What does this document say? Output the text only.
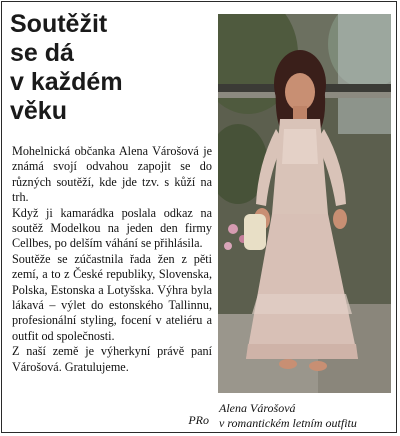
Soutěžit
se dá
v každém
věku

Mohelnická občanka Alena Várošová je známá svojí odvahou zapojit se do různých soutěží, kde jde tzv. s kůží na trh.

Když ji kamarádka poslala odkaz na soutěž Modelkou na jeden den firmy Cellbes, po delším váhání se přihlásila.

Soutěže se zúčastnila řada žen z pěti zemí, a to z České republiky, Slovenska, Polska, Estonska a Lotyšska. Výhra byla lákavá – výlet do estonského Tallinnu, profesionální styling, focení v ateliéru a outfit od společnosti.

Z naší země je výherkyní právě paní Várošová. Gratulujeme.

PRo
Alena Várošová
v romantickém letním outfitu
